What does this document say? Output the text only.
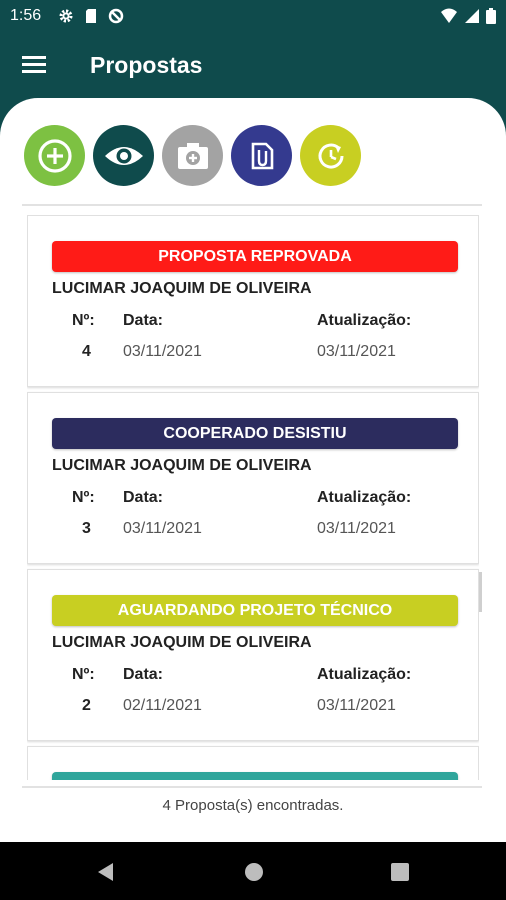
1:56
Propostas
PROPOSTA REPROVADA
LUCIMAR JOAQUIM DE OLIVEIRA
Nº: Data:	Atualização:
4 03/11/2021	03/11/2021
COOPERADO DESISTIU
LUCIMAR JOAQUIM DE OLIVEIRA
Nº: Data:	Atualização:
3 03/11/2021	03/11/2021
AGUARDANDO PROJETO TÉCNICO
LUCIMAR JOAQUIM DE OLIVEIRA
Nº: Data:	Atualização:
2 02/11/2021	03/11/2021
4 Proposta(s) encontradas.
